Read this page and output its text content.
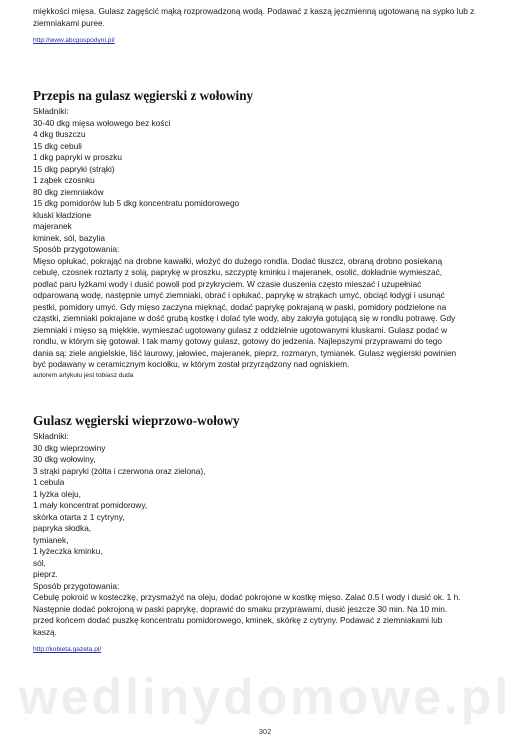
miękkości mięsa. Gulasz zagęścić mąką rozprowadzoną wodą. Podawać z kaszą jęczmienną ugotowaną na sypko lub z
ziemniakami puree.

http://www.abcgospodyni.pl/
Przepis na gulasz węgierski z wołowiny

Składniki:
30-40 dkg mięsa wołowego bez kości
4 dkg tłuszczu
15 dkg cebuli
1 dkg papryki w proszku
15 dkg papryki (strąki)
1 ząbek czosnku
80 dkg ziemniaków
15 dkg pomidorów lub 5 dkg koncentratu pomidorowego
kluski kładzione
majeranek
kminek, sól, bazylia
Sposób przygotowania:
Mięso opłukać, pokrająć na drobne kawałki, włożyć do dużego rondla. Dodać tłuszcz, obraną drobno posiekaną
cebulę, czosnek roztarty z solą, paprykę w proszku, szczyptę kminku i majeranek, osolić, dokładnie wymieszać,
podlać paru łyżkami wody i dusić powoli pod przykryciem. W czasie duszenia często mieszać i uzupełniać
odparowaną wodę, następnie umyć ziemniaki, obrać i opłukać, paprykę w strąkach umyć, obciąć łodygi i usunąć
pestki, pomidory umyć. Gdy mięso zaczyna mięknąć, dodać paprykę pokrajaną w paski, pomidory podzielone na
cząstki, ziemniaki pokrajane w dość grubą kostkę i dolać tyle wody, aby zakryła gotującą się w rondlu potrawę. Gdy
ziemniaki i mięso są miękkie, wymieszać ugotowany gulasz z oddzielnie ugotowanymi kluskami. Gulasz podać w
rondlu, w którym się gotował. I tak mamy gotowy gulasz, gotowy do jedzenia. Najlepszymi przyprawami do tego
dania są: ziele angielskie, liść laurowy, jałowiec, majeranek, pieprz, rozmaryn, tymianek. Gulasz węgierski powinien
być podawany w ceramicznym kociołku, w którym został przyrządzony nad ogniskiem.

autorem artykułu jest tobiasz duda
Gulasz węgierski wieprzowo-wołowy

Składniki:
30 dkg wieprzowiny
30 dkg wołowiny,
3 strąki papryki (żółta i czerwona oraz zielona),
1 cebula
1 łyżka oleju,
1 mały koncentrat pomidorowy,
skórka otarta z 1 cytryny,
papryka słodka,
tymianek,
1 łyżeczka kminku,
sól,
pieprz.
Sposób przygotowania:
Cebulę pokroić w kosteczkę, przysmażyć na oleju, dodać pokrojone w kostkę mięso. Zalać 0.5 l wody i dusić ok. 1 h.
Następnie dodać pokrojoną w paski paprykę, doprawić do smaku przyprawami, dusić jeszcze 30 min. Na 10 min.
przed końcem dodać puszkę koncentratu pomidorowego, kminek, skórkę z cytryny. Podawać z ziemniakami lub
kaszą.

http://kobieta.gazeta.pl/
wedlinydomowe.pl
302
